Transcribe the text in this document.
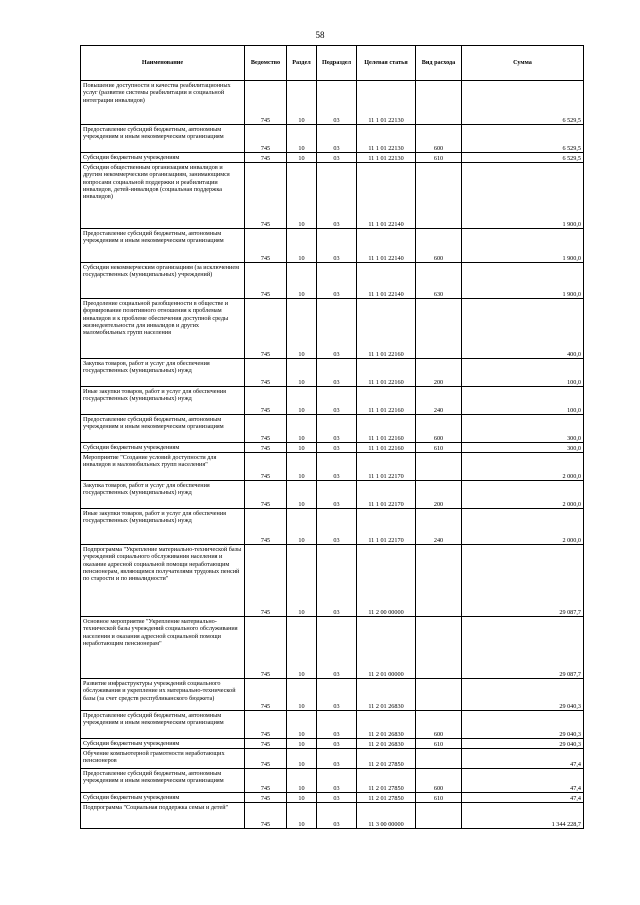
58
Наименование	Ведомство	Раздел	Подраздел	Целевая статья	Вид расхода	Сумма
Повышение доступности и качества реабилитационных услуг (развитие системы реабилитации и социальной интеграции инвалидов)	745	10	03	11 1 01 22130		6 529,5
Предоставление субсидий бюджетным, автономным учреждениям и иным некоммерческим организациям	745	10	03	11 1 01 22130	600	6 529,5
Субсидии бюджетным учреждениям	745	10	03	11 1 01 22130	610	6 529,5
Субсидии общественным организациям инвалидов и другим некоммерческим организациям, занимающимся вопросами социальной поддержки и реабилитации инвалидов, детей-инвалидов (социальная поддержка инвалидов)	745	10	03	11 1 01 22140		1 900,0
Предоставление субсидий бюджетным, автономным учреждениям и иным некоммерческим организациям	745	10	03	11 1 01 22140	600	1 900,0
Субсидии некоммерческим организациям (за исключением государственных (муниципальных) учреждений)	745	10	03	11 1 01 22140	630	1 900,0
Преодоление социальной разобщенности в обществе и формирование позитивного отношения к проблемам инвалидов и к проблеме обеспечения доступной среды жизнедеятельности для инвалидов и других маломобильных групп населения	745	10	03	11 1 01 22160		400,0
Закупка товаров, работ и услуг для обеспечения государственных (муниципальных) нужд	745	10	03	11 1 01 22160	200	100,0
Иные закупки товаров, работ и услуг для обеспечения государственных (муниципальных) нужд	745	10	03	11 1 01 22160	240	100,0
Предоставление субсидий бюджетным, автономным учреждениям и иным некоммерческим организациям	745	10	03	11 1 01 22160	600	300,0
Субсидии бюджетным учреждениям	745	10	03	11 1 01 22160	610	300,0
Мероприятие "Создание условий доступности для инвалидов и маломобильных групп населения"	745	10	03	11 1 01 22170		2 000,0
Закупка товаров, работ и услуг для обеспечения государственных (муниципальных) нужд	745	10	03	11 1 01 22170	200	2 000,0
Иные закупки товаров, работ и услуг для обеспечения государственных (муниципальных) нужд	745	10	03	11 1 01 22170	240	2 000,0
Подпрограмма "Укрепление материально-технической базы учреждений социального обслуживания населения и оказание адресной социальной помощи неработающим пенсионерам, являющимся получателями трудовых пенсий по старости и по инвалидности"	745	10	03	11 2 00 00000		29 087,7
Основное мероприятие "Укрепление материально-технической базы учреждений социального обслуживания населения и оказания адресной социальной помощи неработающим пенсионерам"	745	10	03	11 2 01 00000		29 087,7
Развитие инфраструктуры учреждений социального обслуживания и укрепление их материально-технической базы (за счет средств республиканского бюджета)	745	10	03	11 2 01 26830		29 040,3
Предоставление субсидий бюджетным, автономным учреждениям и иным некоммерческим организациям	745	10	03	11 2 01 26830	600	29 040,3
Субсидии бюджетным учреждениям	745	10	03	11 2 01 26830	610	29 040,3
Обучение компьютерной грамотности неработающих пенсионеров	745	10	03	11 2 01 27850		47,4
Предоставление субсидий бюджетным, автономным учреждениям и иным некоммерческим организациям	745	10	03	11 2 01 27850	600	47,4
Субсидии бюджетным учреждениям	745	10	03	11 2 01 27850	610	47,4
Подпрограмма "Социальная поддержка семьи и детей"	745	10	03	11 3 00 00000		1 344 228,7
